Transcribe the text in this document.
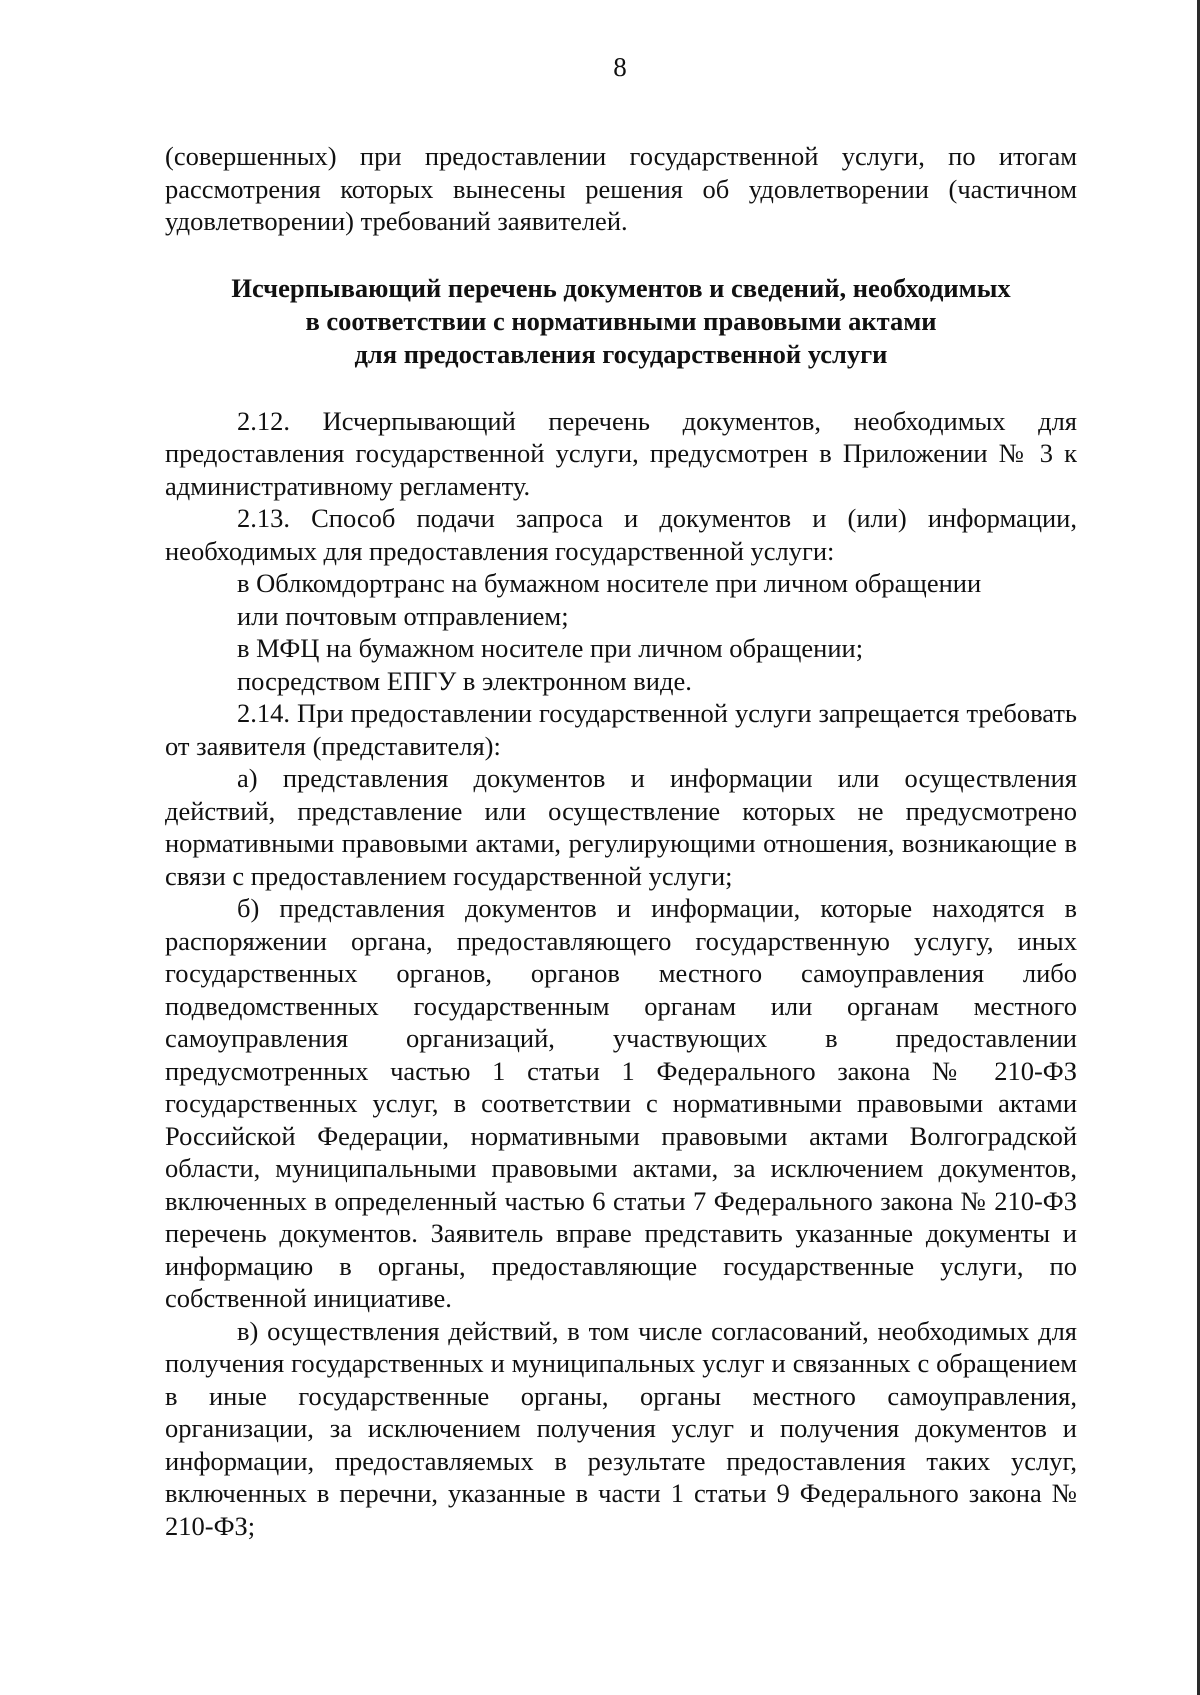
8

(совершенных) при предоставлении государственной услуги, по итогам рассмотрения которых вынесены решения об удовлетворении (частичном удовлетворении) требований заявителей.

Исчерпывающий перечень документов и сведений, необходимых
в соответствии с нормативными правовыми актами
для предоставления государственной услуги

2.12. Исчерпывающий перечень документов, необходимых для предоставления государственной услуги, предусмотрен в Приложении № 3 к административному регламенту.

2.13. Способ подачи запроса и документов и (или) информации, необходимых для предоставления государственной услуги:

в Облкомдортранс на бумажном носителе при личном обращении

или почтовым отправлением;

в МФЦ на бумажном носителе при личном обращении;

посредством ЕПГУ в электронном виде.

2.14. При предоставлении государственной услуги запрещается требовать от заявителя (представителя):

а) представления документов и информации или осуществления действий, представление или осуществление которых не предусмотрено нормативными правовыми актами, регулирующими отношения, возникающие в связи с предоставлением государственной услуги;

б) представления документов и информации, которые находятся в распоряжении органа, предоставляющего государственную услугу, иных государственных органов, органов местного самоуправления либо подведомственных государственным органам или органам местного самоуправления организаций, участвующих в предоставлении предусмотренных частью 1 статьи 1 Федерального закона № 210-ФЗ государственных услуг, в соответствии с нормативными правовыми актами Российской Федерации, нормативными правовыми актами Волгоградской области, муниципальными правовыми актами, за исключением документов, включенных в определенный частью 6 статьи 7 Федерального закона № 210-ФЗ перечень документов. Заявитель вправе представить указанные документы и информацию в органы, предоставляющие государственные услуги, по собственной инициативе.

в) осуществления действий, в том числе согласований, необходимых для получения государственных и муниципальных услуг и связанных с обращением в иные государственные органы, органы местного самоуправления, организации, за исключением получения услуг и получения документов и информации, предоставляемых в результате предоставления таких услуг, включенных в перечни, указанные в части 1 статьи 9 Федерального закона № 210-ФЗ;
